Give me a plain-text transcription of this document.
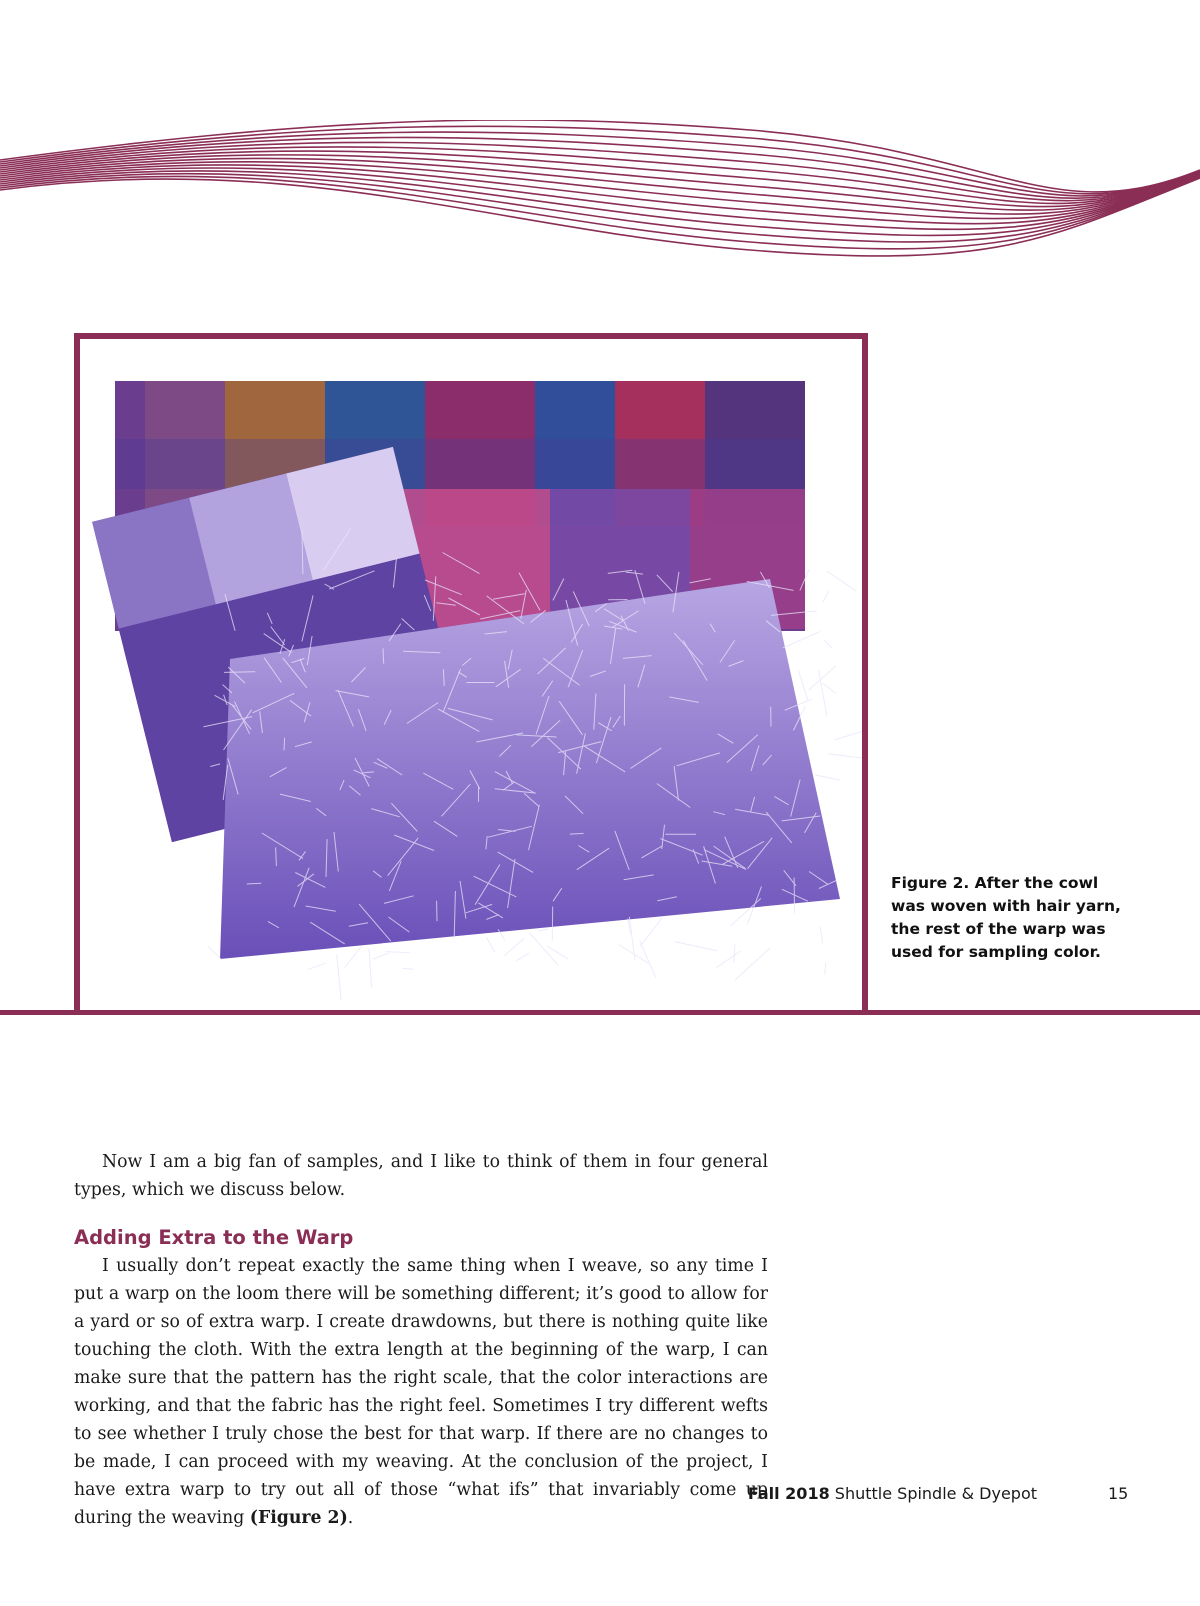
Figure 2. After the cowl was woven with hair yarn, the rest of the warp was used for sampling color.

Now I am a big fan of samples, and I like to think of them in four general types, which we discuss below.

Adding Extra to the Warp

I usually don’t repeat exactly the same thing when I weave, so any time I put a warp on the loom there will be something different; it’s good to allow for a yard or so of extra warp. I create drawdowns, but there is nothing quite like touching the cloth. With the extra length at the beginning of the warp, I can make sure that the pattern has the right scale, that the color interactions are working, and that the fabric has the right feel. Sometimes I try different wefts to see whether I truly chose the best for that warp. If there are no changes to be made, I can proceed with my weaving. At the conclusion of the project, I have extra warp to try out all of those “what ifs” that invariably come up during the weaving (Figure 2).

Fall 2018 Shuttle Spindle & Dyepot	15
